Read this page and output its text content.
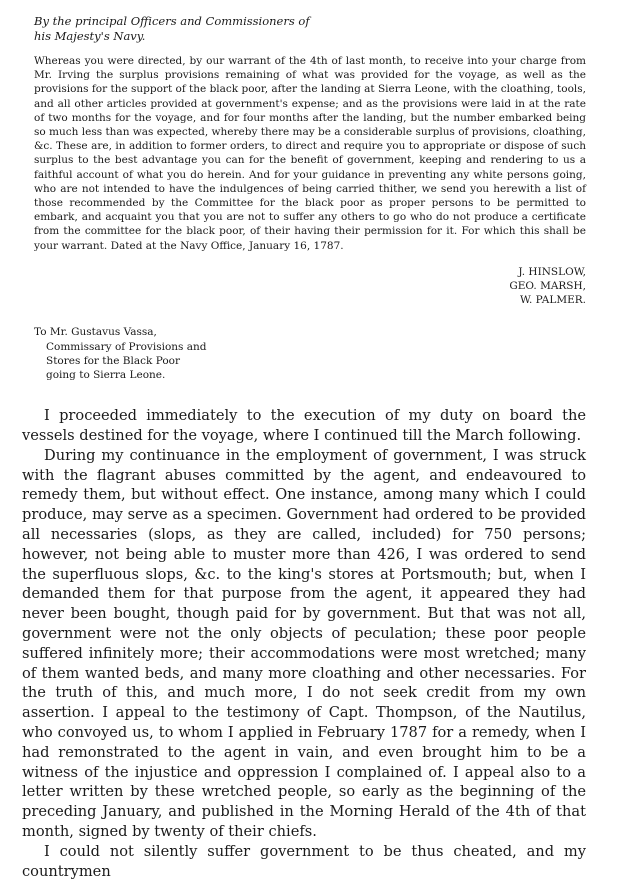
By the principal Officers and Commissioners of
his Majesty's Navy.
Whereas you were directed, by our warrant of the 4th of last month, to receive into your charge from Mr. Irving the surplus provisions remaining of what was provided for the voyage, as well as the provisions for the support of the black poor, after the landing at Sierra Leone, with the cloathing, tools, and all other articles provided at government's expense; and as the provisions were laid in at the rate of two months for the voyage, and for four months after the landing, but the number embarked being so much less than was expected, whereby there may be a considerable surplus of provisions, cloathing, &c. These are, in addition to former orders, to direct and require you to appropriate or dispose of such surplus to the best advantage you can for the benefit of government, keeping and rendering to us a faithful account of what you do herein. And for your guidance in preventing any white persons going, who are not intended to have the indulgences of being carried thither, we send you herewith a list of those recommended by the Committee for the black poor as proper persons to be permitted to embark, and acquaint you that you are not to suffer any others to go who do not produce a certificate from the committee for the black poor, of their having their permission for it. For which this shall be your warrant. Dated at the Navy Office, January 16, 1787.
J. HINSLOW,
GEO. MARSH,
W. PALMER.
To Mr. Gustavus Vassa,
Commissary of Provisions and
Stores for the Black Poor
going to Sierra Leone.

I proceeded immediately to the execution of my duty on board the vessels destined for the voyage, where I continued till the March following.

During my continuance in the employment of government, I was struck with the flagrant abuses committed by the agent, and endeavoured to remedy them, but without effect. One instance, among many which I could produce, may serve as a specimen. Government had ordered to be provided all necessaries (slops, as they are called, included) for 750 persons; however, not being able to muster more than 426, I was ordered to send the superfluous slops, &c. to the king's stores at Portsmouth; but, when I demanded them for that purpose from the agent, it appeared they had never been bought, though paid for by government. But that was not all, government were not the only objects of peculation; these poor people suffered infinitely more; their accommodations were most wretched; many of them wanted beds, and many more cloathing and other necessaries. For the truth of this, and much more, I do not seek credit from my own assertion. I appeal to the testimony of Capt. Thompson, of the Nautilus, who convoyed us, to whom I applied in February 1787 for a remedy, when I had remonstrated to the agent in vain, and even brought him to be a witness of the injustice and oppression I complained of. I appeal also to a letter written by these wretched people, so early as the beginning of the preceding January, and published in the Morning Herald of the 4th of that month, signed by twenty of their chiefs.

I could not silently suffer government to be thus cheated, and my countrymen
